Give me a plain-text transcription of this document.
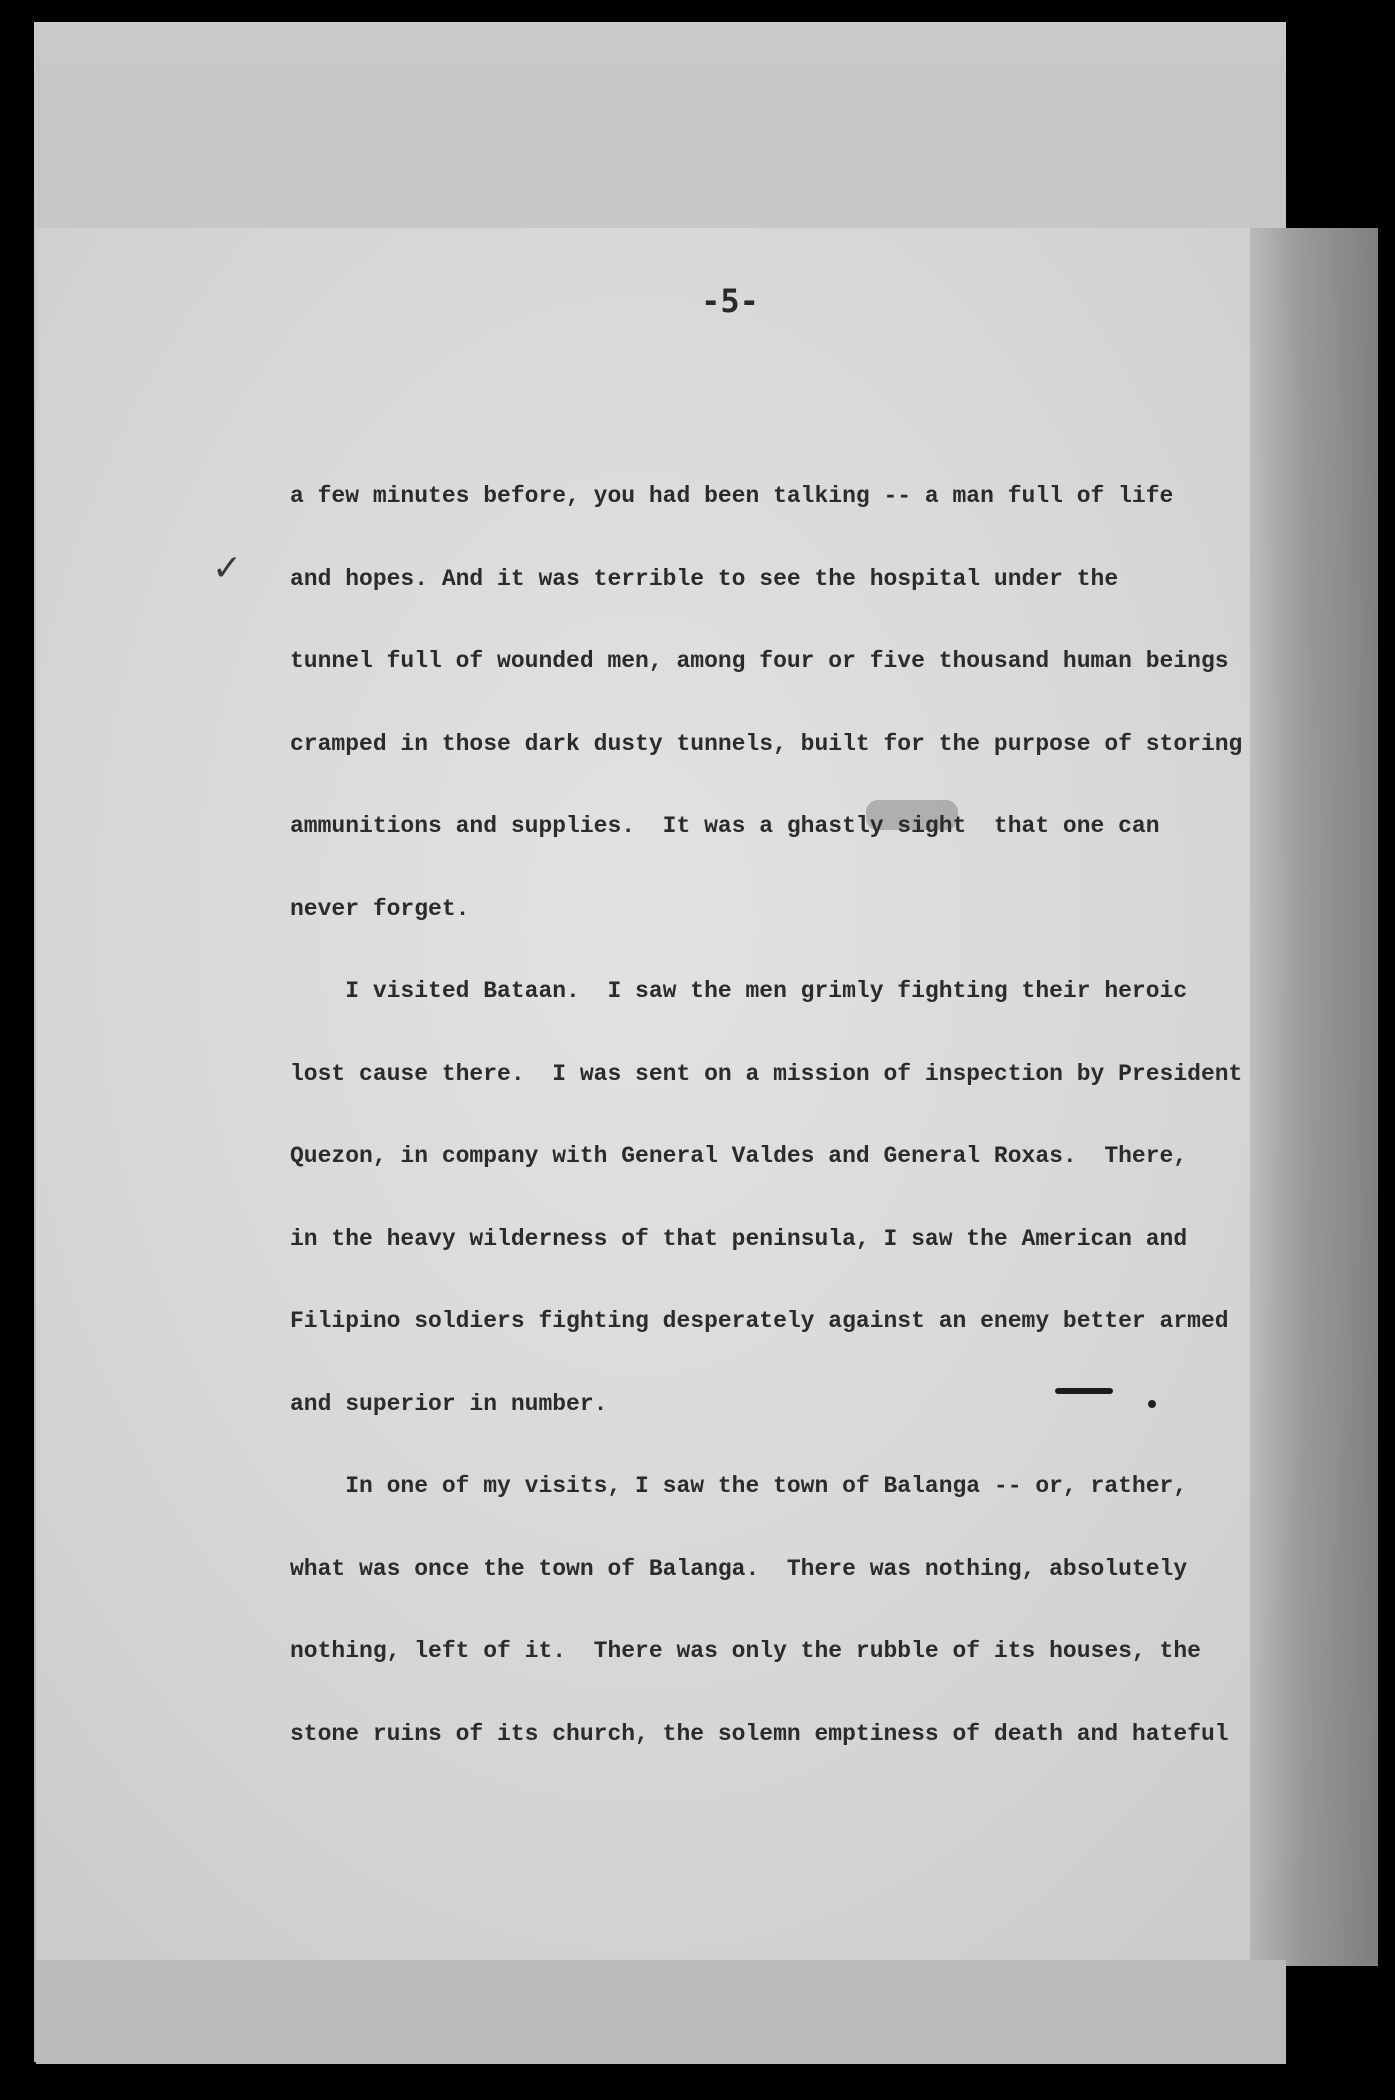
-5-
✓

a few minutes before, you had been talking -- a man full of life

and hopes. And it was terrible to see the hospital under the

tunnel full of wounded men, among four or five thousand human beings

cramped in those dark dusty tunnels, built for the purpose of storing

ammunitions and supplies.  It was a ghastly sight  that one can

never forget.

I visited Bataan.  I saw the men grimly fighting their heroic

lost cause there.  I was sent on a mission of inspection by President

Quezon, in company with General Valdes and General Roxas.  There,

in the heavy wilderness of that peninsula, I saw the American and

Filipino soldiers fighting desperately against an enemy better armed

and superior in number.

In one of my visits, I saw the town of Balanga -- or, rather,

what was once the town of Balanga.  There was nothing, absolutely

nothing, left of it.  There was only the rubble of its houses, the

stone ruins of its church, the solemn emptiness of death and hateful
